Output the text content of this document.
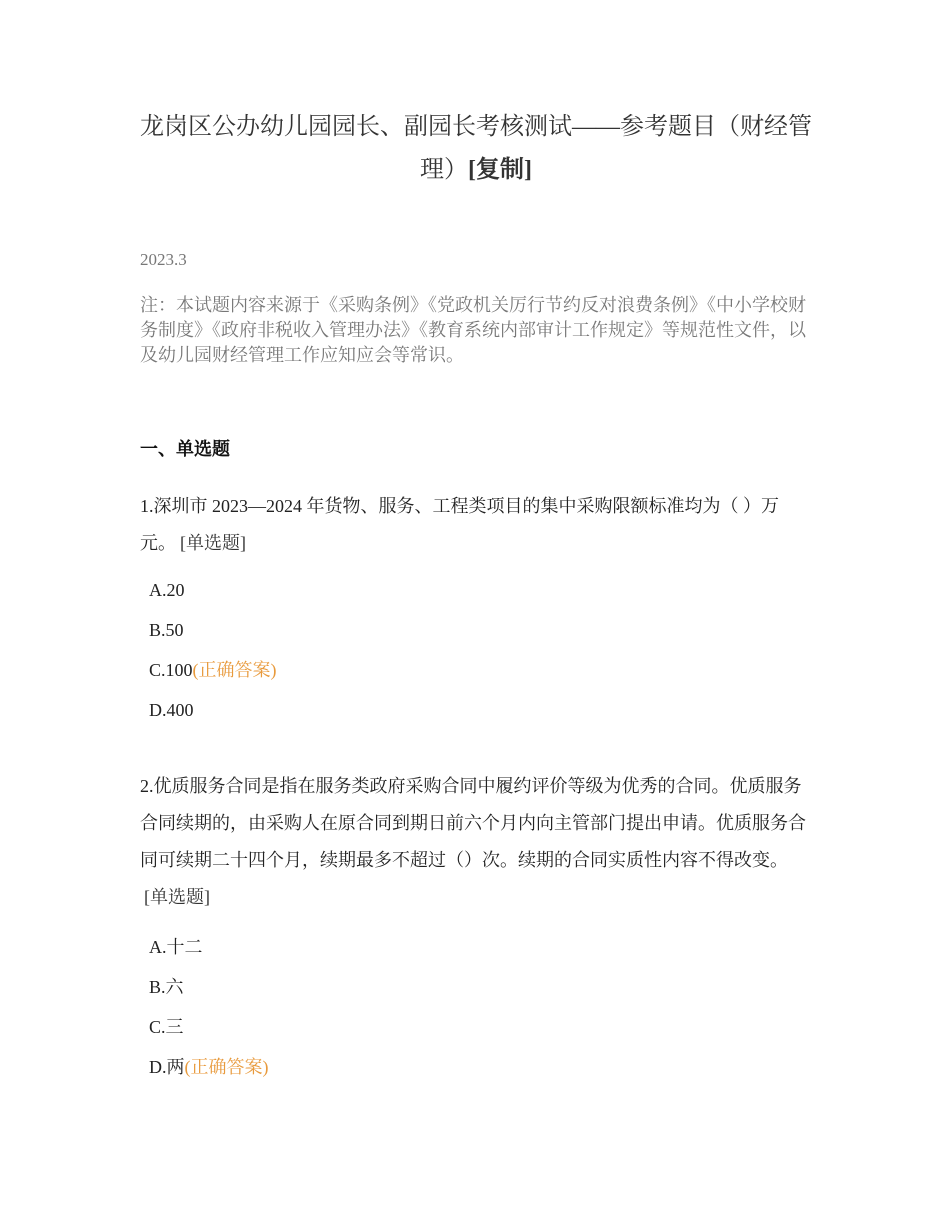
龙岗区公办幼儿园园长、副园长考核测试——参考题目（财经管理）[复制]
2023.3

注：本试题内容来源于《采购条例》《党政机关厉行节约反对浪费条例》《中小学校财务制度》《政府非税收入管理办法》《教育系统内部审计工作规定》等规范性文件，以及幼儿园财经管理工作应知应会等常识。

一、单选题

1.深圳市 2023—2024 年货物、服务、工程类项目的集中采购限额标准均为（ ）万元。 [单选题]

A.20
B.50
C.100(正确答案)
D.400

2.优质服务合同是指在服务类政府采购合同中履约评价等级为优秀的合同。优质服务合同续期的，由采购人在原合同到期日前六个月内向主管部门提出申请。优质服务合同可续期二十四个月，续期最多不超过（）次。续期的合同实质性内容不得改变。[单选题]

A.十二
B.六
C.三
D.两(正确答案)
